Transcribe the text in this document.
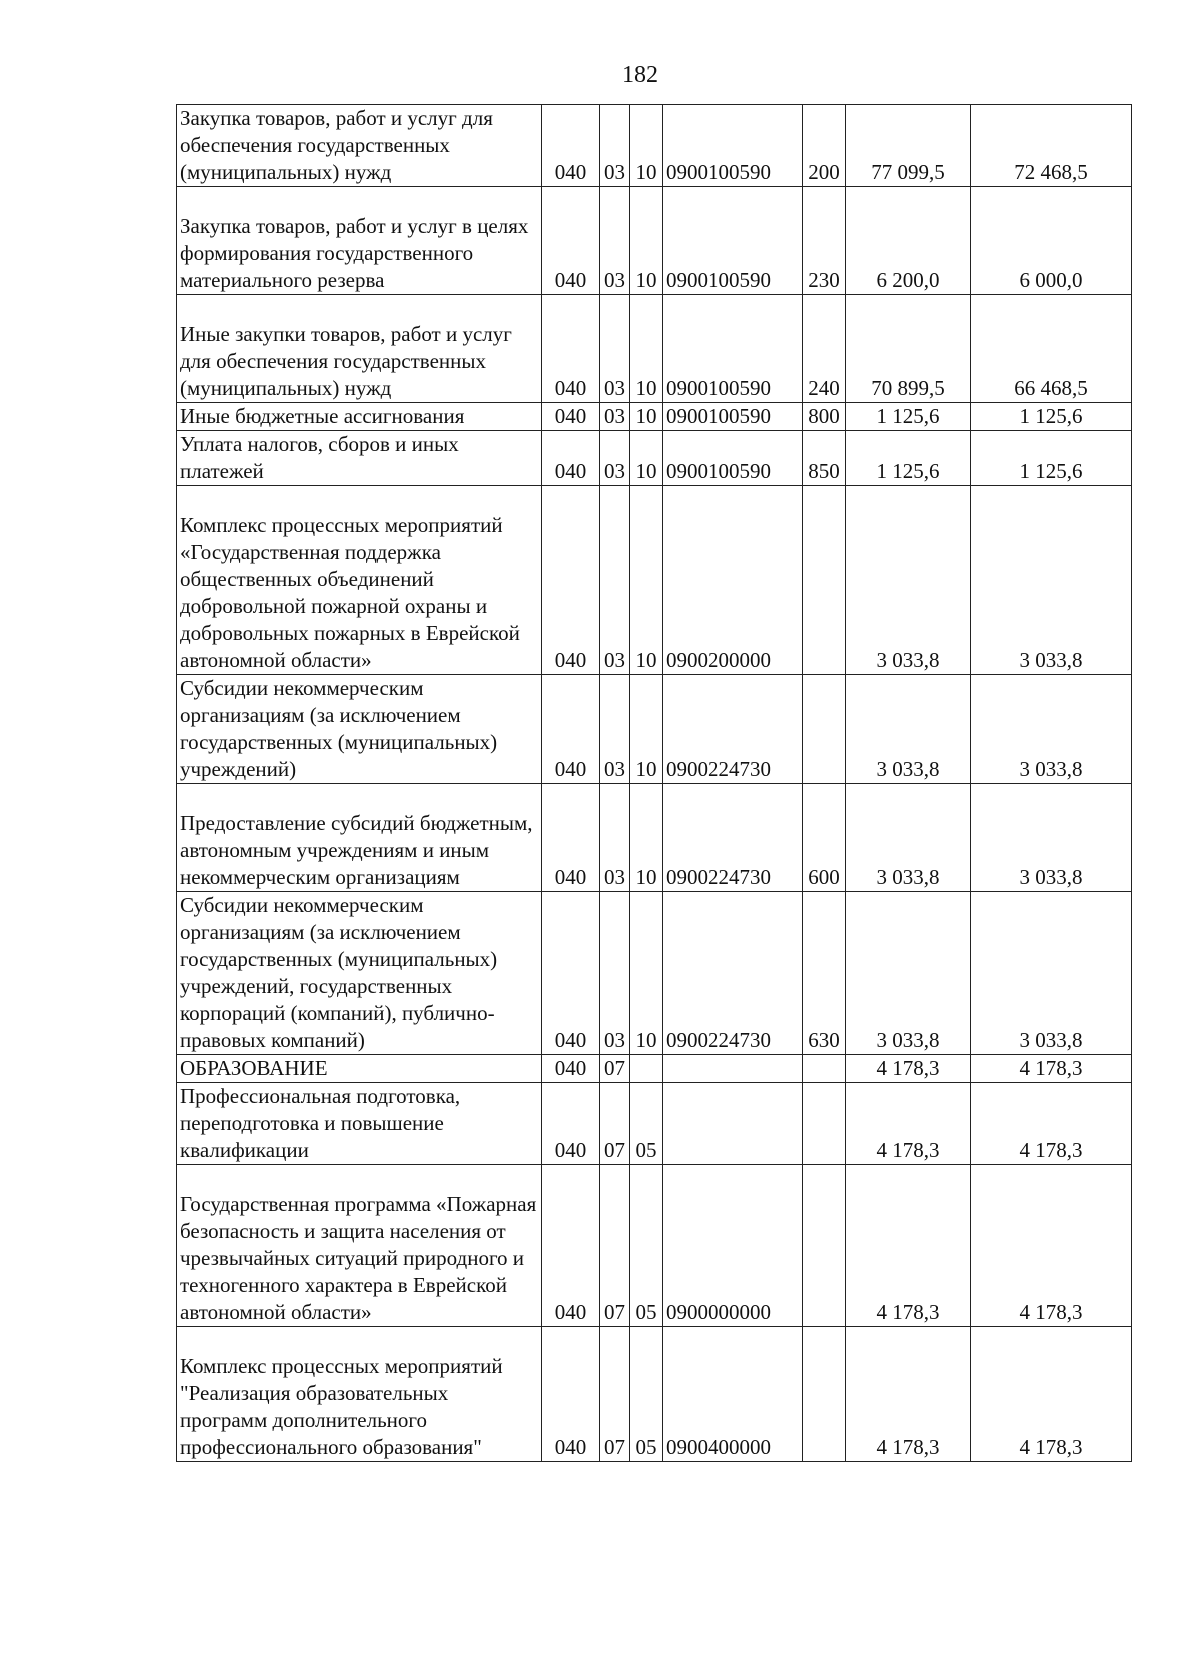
182
Закупка товаров, работ и услуг для обеспечения государственных (муниципальных) нужд	040	03	10	0900100590	200	77 099,5	72 468,5
Закупка товаров, работ и услуг в целях формирования государственного материального резерва	040	03	10	0900100590	230	6 200,0	6 000,0
Иные закупки товаров, работ и услуг для обеспечения государственных (муниципальных) нужд	040	03	10	0900100590	240	70 899,5	66 468,5
Иные бюджетные ассигнования	040	03	10	0900100590	800	1 125,6	1 125,6
Уплата налогов, сборов и иных платежей	040	03	10	0900100590	850	1 125,6	1 125,6
Комплекс процессных мероприятий «Государственная поддержка общественных объединений добровольной пожарной охраны и добровольных пожарных в Еврейской автономной области»	040	03	10	0900200000		3 033,8	3 033,8
Субсидии некоммерческим организациям (за исключением государственных (муниципальных) учреждений)	040	03	10	0900224730		3 033,8	3 033,8
Предоставление субсидий бюджетным, автономным учреждениям и иным некоммерческим организациям	040	03	10	0900224730	600	3 033,8	3 033,8
Субсидии некоммерческим организациям (за исключением государственных (муниципальных) учреждений, государственных корпораций (компаний), публично-правовых компаний)	040	03	10	0900224730	630	3 033,8	3 033,8
ОБРАЗОВАНИЕ	040	07				4 178,3	4 178,3
Профессиональная подготовка, переподготовка и повышение квалификации	040	07	05			4 178,3	4 178,3
Государственная программа «Пожарная безопасность и защита населения от чрезвычайных ситуаций природного и техногенного характера в Еврейской автономной области»	040	07	05	0900000000		4 178,3	4 178,3
Комплекс процессных мероприятий "Реализация образовательных программ дополнительного профессионального образования"	040	07	05	0900400000		4 178,3	4 178,3
